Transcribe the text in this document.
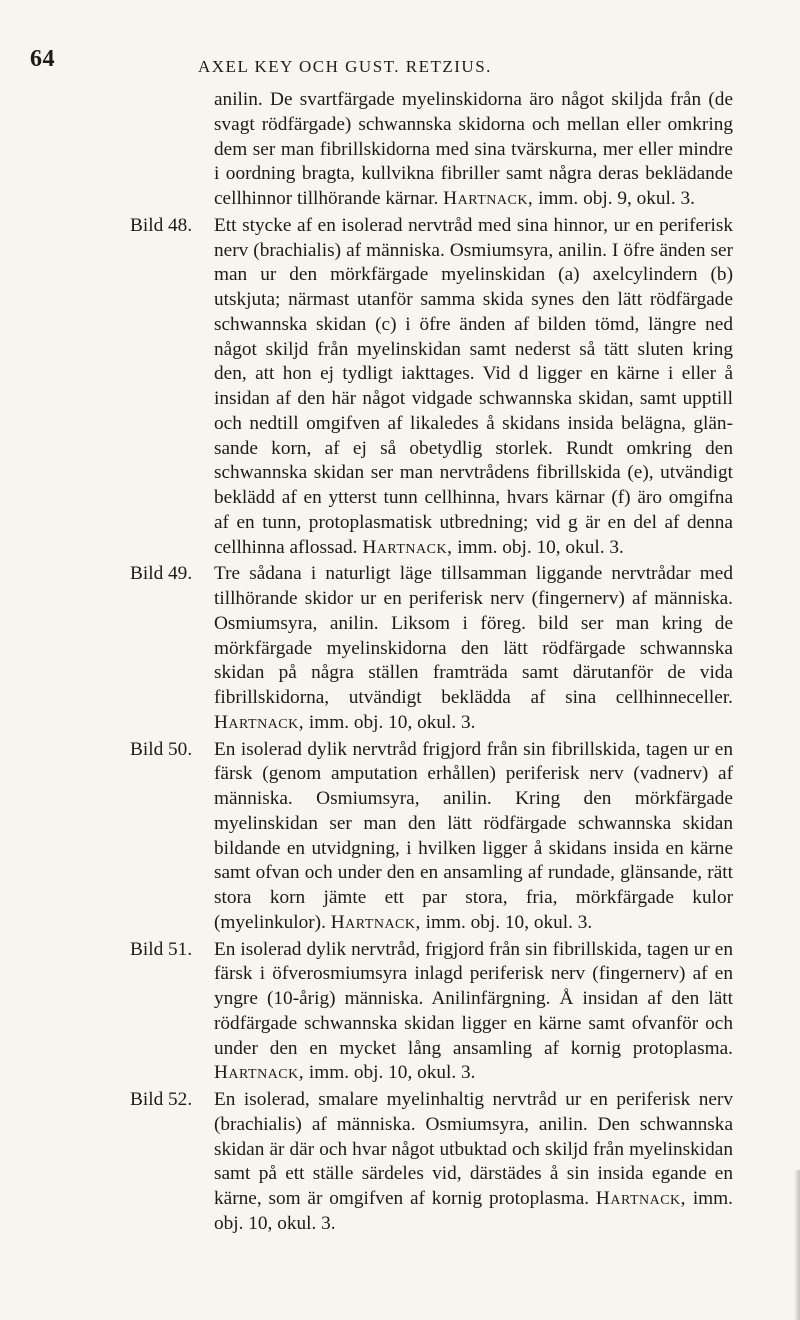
64	AXEL KEY OCH GUST. RETZIUS.
anilin. De svartfärgade myelinskidorna äro något skiljda från (de svagt rödfärgade) schwannska skidorna och mellan eller omkring dem ser man fibrillskidorna med sina tvärskurna, mer eller mindre i oordning bragta, kullvikna fibriller samt några deras beklädande cellhinnor tillhörande kärnar. Hartnack, imm. obj. 9, okul. 3.
Bild 48.	Ett stycke af en isolerad nervtråd med sina hinnor, ur en periferisk nerv (brachialis) af människa. Osmiumsyra, anilin. I öfre änden ser man ur den mörkfärgade myelinskidan (a) axelcylindern (b) utskjuta; närmast utanför samma skida synes den lätt rödfärgade schwannska skidan (c) i öfre änden af bilden tömd, längre ned något skiljd från myelinskidan samt nederst så tätt sluten kring den, att hon ej tydligt iakttages. Vid d ligger en kärne i eller å insidan af den här något vidgade schwannska skidan, samt upptill och nedtill omgifven af likaledes å skidans insida belägna, glänsande korn, af ej så obetydlig storlek. Rundt omkring den schwannska skidan ser man nervtrådens fibrillskida (e), utvändigt beklädd af en ytterst tunn cellhinna, hvars kärnar (f) äro omgifna af en tunn, protoplasmatisk utbredning; vid g är en del af denna cellhinna aflossad. Hartnack, imm. obj. 10, okul. 3.
Bild 49.	Tre sådana i naturligt läge tillsamman liggande nervtrådar med tillhörande skidor ur en periferisk nerv (fingernerv) af människa. Osmiumsyra, anilin. Liksom i föreg. bild ser man kring de mörkfärgade myelinskidorna den lätt rödfärgade schwannska skidan på några ställen framträda samt därutanför de vida fibrillskidorna, utvändigt beklädda af sina cellhinneceller. Hartnack, imm. obj. 10, okul. 3.
Bild 50.	En isolerad dylik nervtråd frigjord från sin fibrillskida, tagen ur en färsk (genom amputation erhållen) periferisk nerv (vadnerv) af människa. Osmiumsyra, anilin. Kring den mörkfärgade myelinskidan ser man den lätt rödfärgade schwannska skidan bildande en utvidgning, i hvilken ligger å skidans insida en kärne samt ofvan och under den en ansamling af rundade, glänsande, rätt stora korn jämte ett par stora, fria, mörkfärgade kulor (myelinkulor). Hartnack, imm. obj. 10, okul. 3.
Bild 51.	En isolerad dylik nervtråd, frigjord från sin fibrillskida, tagen ur en färsk i öfverosmiumsyra inlagd periferisk nerv (fingernerv) af en yngre (10-årig) människa. Anilinfärgning. Å insidan af den lätt rödfärgade schwannska skidan ligger en kärne samt ofvanför och under den en mycket lång ansamling af kornig protoplasma. Hartnack, imm. obj. 10, okul. 3.
Bild 52.	En isolerad, smalare myelinhaltig nervtråd ur en periferisk nerv (brachialis) af människa. Osmiumsyra, anilin. Den schwannska skidan är där och hvar något utbuktad och skiljd från myelinskidan samt på ett ställe särdeles vid, därstädes å sin insida egande en kärne, som är omgifven af kornig protoplasma. Hartnack, imm. obj. 10, okul. 3.
